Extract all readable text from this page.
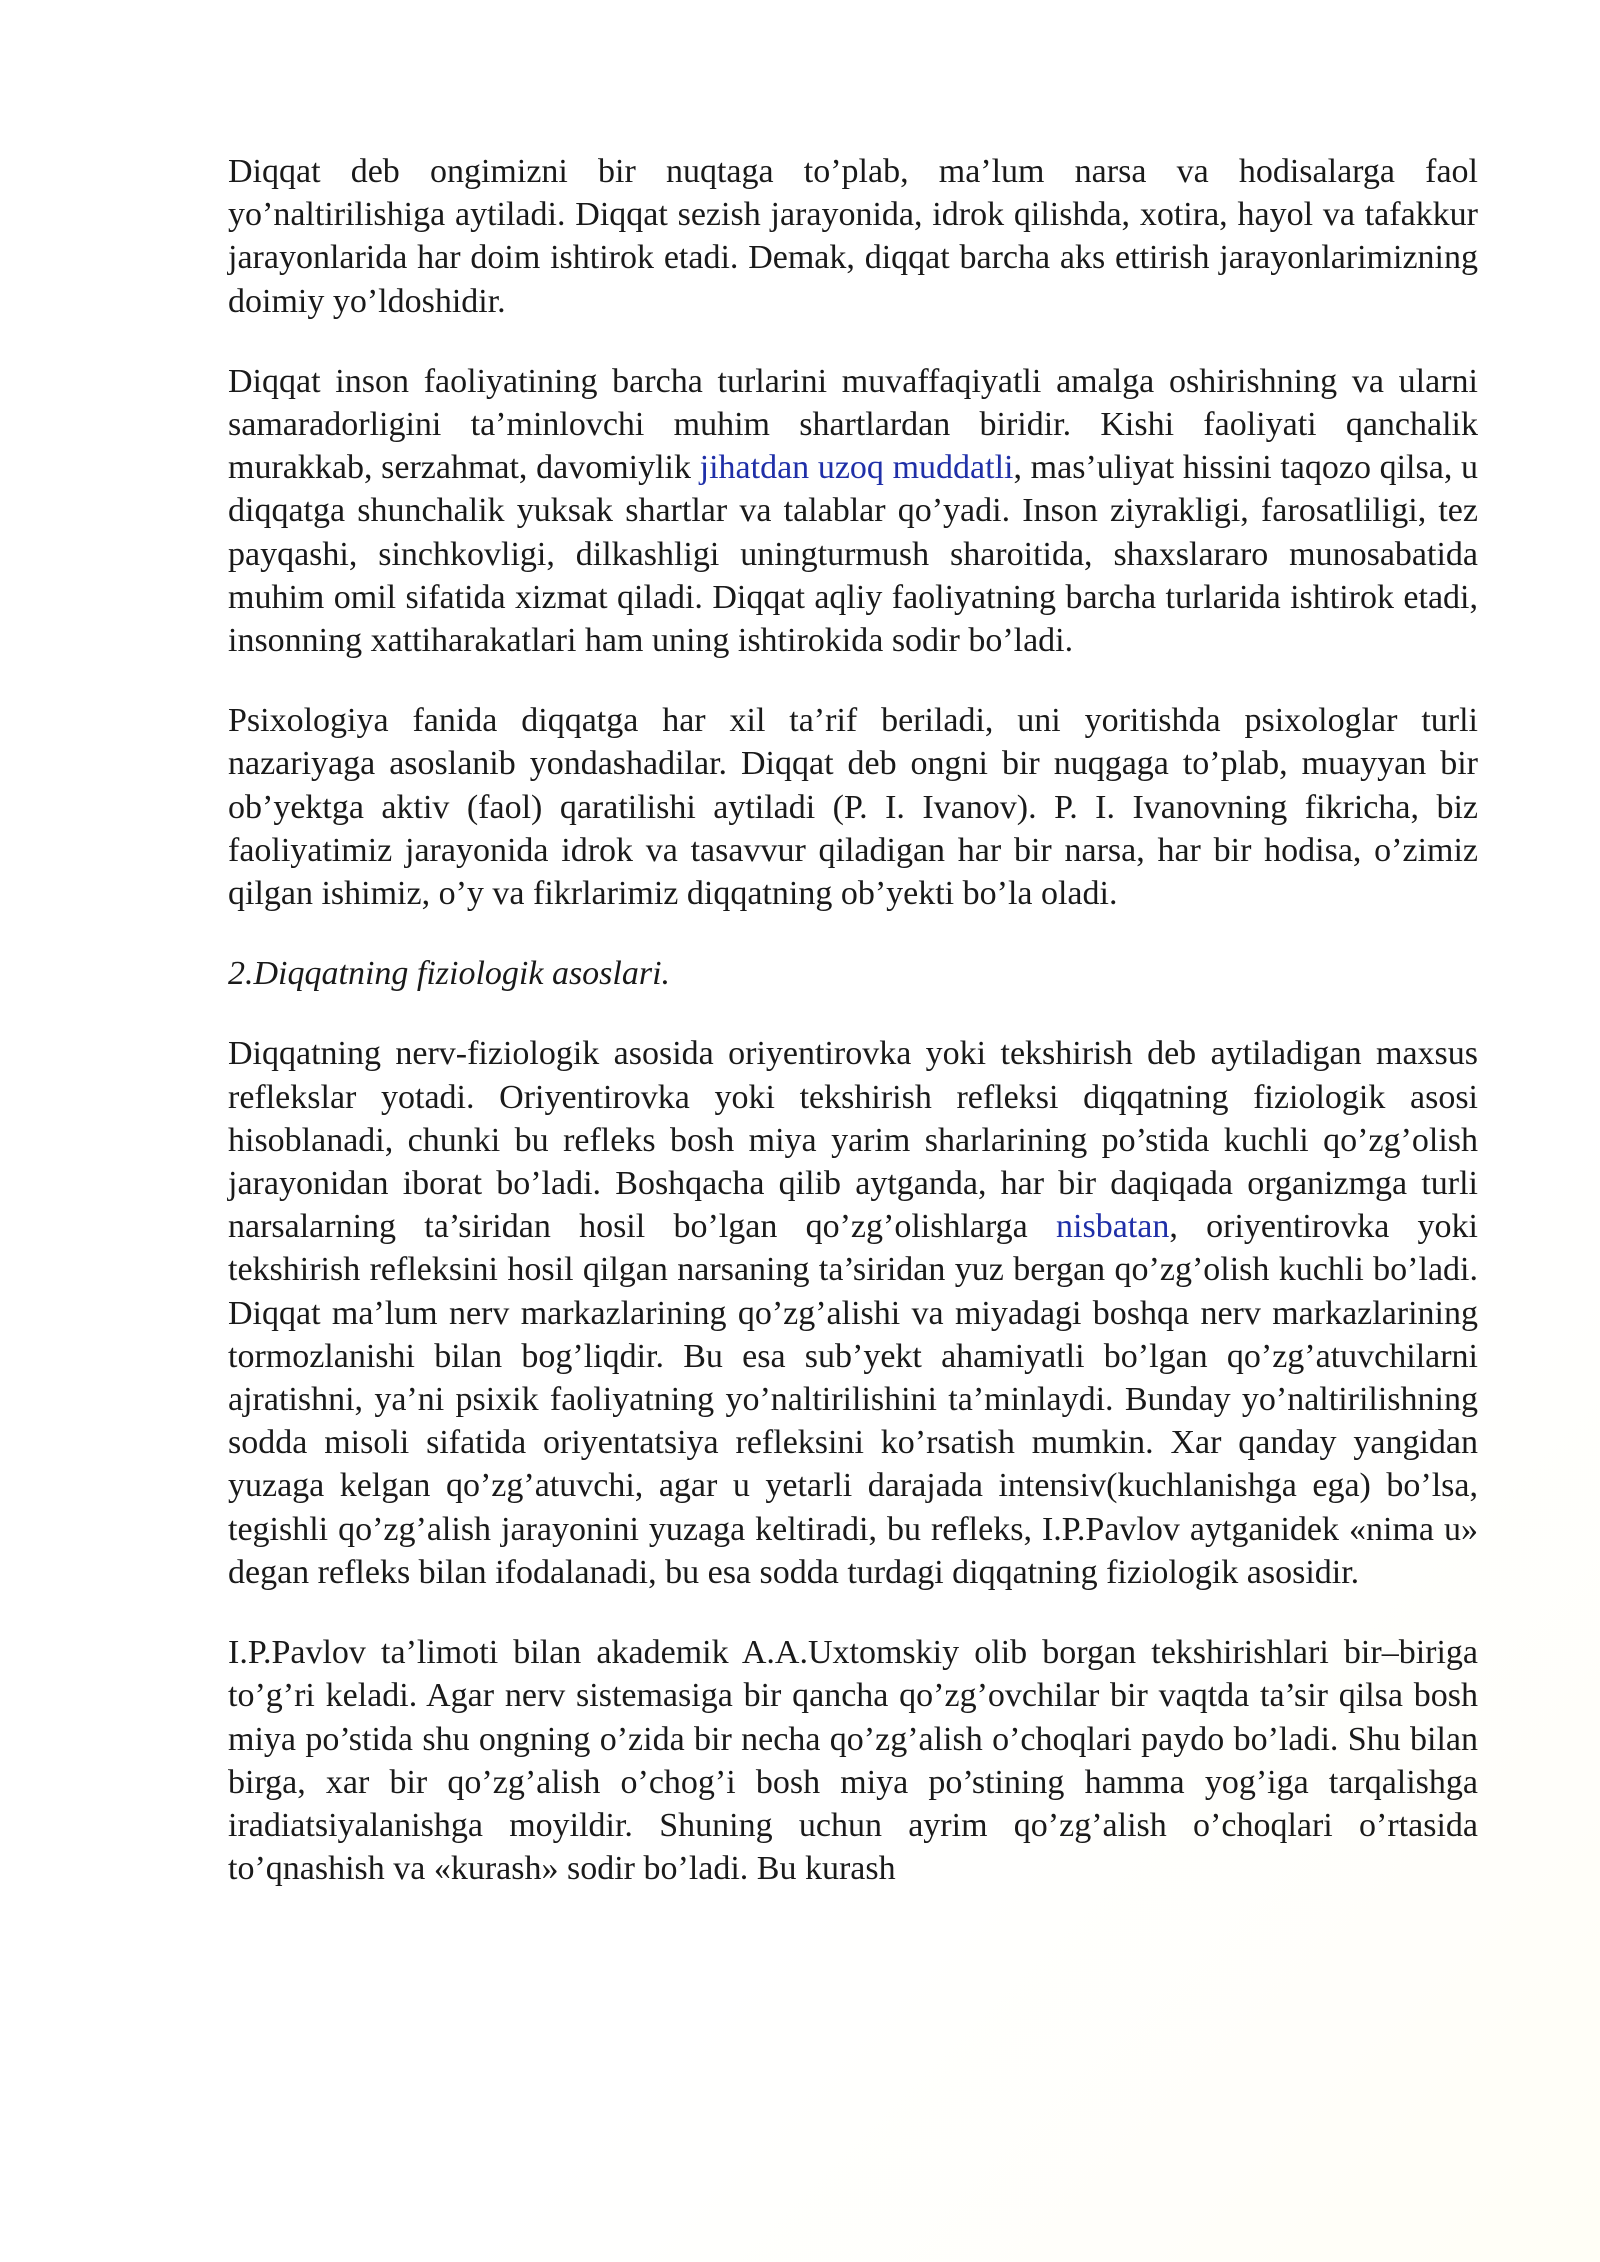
Diqqat deb ongimizni bir nuqtaga to’plab, ma’lum narsa va hodisalarga faol yo’naltirilishiga aytiladi. Diqqat sezish jarayonida, idrok qilishda, xotira, hayol va tafakkur jarayonlarida har doim ishtirok etadi. Demak, diqqat barcha aks ettirish jarayonlarimizning doimiy yo’ldoshidir.

Diqqat inson faoliyatining barcha turlarini muvaffaqiyatli amalga oshirishning va ularni samaradorligini ta’minlovchi muhim shartlardan biridir. Kishi faoliyati qanchalik murakkab, serzahmat, davomiylik jihatdan uzoq muddatli, mas’uliyat hissini taqozo qilsa, u diqqatga shunchalik yuksak shartlar va talablar qo’yadi. Inson ziyrakligi, farosatliligi, tez payqashi, sinchkovligi, dilkashligi uningturmush sharoitida, shaxslararo munosabatida muhim omil sifatida xizmat qiladi. Diqqat aqliy faoliyatning barcha turlarida ishtirok etadi, insonning xattiharakatlari ham uning ishtirokida sodir bo’ladi.

Psixologiya fanida diqqatga har xil ta’rif beriladi, uni yoritishda psixologlar turli nazariyaga asoslanib yondashadilar. Diqqat deb ongni bir nuqgaga to’plab, muayyan bir ob’yektga aktiv (faol) qaratilishi aytiladi (P. I. Ivanov). P. I. Ivanovning fikricha, biz faoliyatimiz jarayonida idrok va tasavvur qiladigan har bir narsa, har bir hodisa, o’zimiz qilgan ishimiz, o’y va fikrlarimiz diqqatning ob’yekti bo’la oladi.

2.Diqqatning fiziologik asoslari.

Diqqatning nerv-fiziologik asosida oriyentirovka yoki tekshirish deb aytiladigan maxsus reflekslar yotadi. Oriyentirovka yoki tekshirish refleksi diqqatning fiziologik asosi hisoblanadi, chunki bu refleks bosh miya yarim sharlarining po’stida kuchli qo’zg’olish jarayonidan iborat bo’ladi. Boshqacha qilib aytganda, har bir daqiqada organizmga turli narsalarning ta’siridan hosil bo’lgan qo’zg’olishlarga nisbatan, oriyentirovka yoki tekshirish refleksini hosil qilgan narsaning ta’siridan yuz bergan qo’zg’olish kuchli bo’ladi. Diqqat ma’lum nerv markazlarining qo’zg’alishi va miyadagi boshqa nerv markazlarining tormozlanishi bilan bog’liqdir. Bu esa sub’yekt ahamiyatli bo’lgan qo’zg’atuvchilarni ajratishni, ya’ni psixik faoliyatning yo’naltirilishini ta’minlaydi. Bunday yo’naltirilishning sodda misoli sifatida oriyentatsiya refleksini ko’rsatish mumkin. Xar qanday yangidan yuzaga kelgan qo’zg’atuvchi, agar u yetarli darajada intensiv(kuchlanishga ega) bo’lsa, tegishli qo’zg’alish jarayonini yuzaga keltiradi, bu refleks, I.P.Pavlov aytganidek «nima u» degan refleks bilan ifodalanadi, bu esa sodda turdagi diqqatning fiziologik asosidir.

I.P.Pavlov ta’limoti bilan akademik A.A.Uxtomskiy olib borgan tekshirishlari bir–biriga to’g’ri keladi. Agar nerv sistemasiga bir qancha qo’zg’ovchilar bir vaqtda ta’sir qilsa bosh miya po’stida shu ongning o’zida bir necha qo’zg’alish o’choqlari paydo bo’ladi. Shu bilan birga, xar bir qo’zg’alish o’chog’i bosh miya po’stining hamma yog’iga tarqalishga iradiatsiyalanishga moyildir. Shuning uchun ayrim qo’zg’alish o’choqlari o’rtasida to’qnashish va «kurash» sodir bo’ladi. Bu kurash
